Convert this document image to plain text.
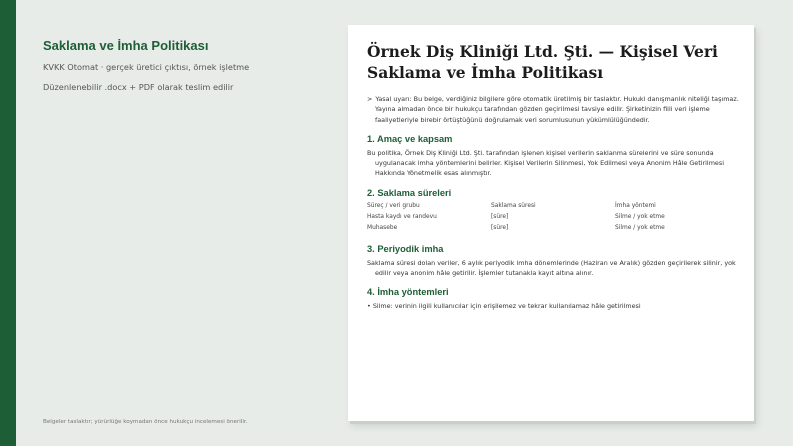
Saklama ve İmha Politikası
KVKK Otomat · gerçek üretici çıktısı, örnek işletme
Düzenlenebilir .docx + PDF olarak teslim edilir
Belgeler taslaktır; yürürlüğe koymadan önce hukukçu incelemesi önerilir.
Örnek Diş Kliniği Ltd. Şti. — Kişisel Veri Saklama ve İmha Politikası
> Yasal uyarı: Bu belge, verdiğiniz bilgilere göre otomatik üretilmiş bir taslaktır. Hukuki danışmanlık niteliği taşımaz. Yayına almadan önce bir hukukçu tarafından gözden geçirilmesi tavsiye edilir. Şirketinizin fiili veri işleme faaliyetleriyle birebir örtüştüğünü doğrulamak veri sorumlusunun yükümlülüğündedir.
1. Amaç ve kapsam
Bu politika, Örnek Diş Kliniği Ltd. Şti. tarafından işlenen kişisel verilerin saklanma sürelerini ve süre sonunda uygulanacak imha yöntemlerini belirler. Kişisel Verilerin Silinmesi, Yok Edilmesi veya Anonim Hâle Getirilmesi Hakkında Yönetmelik esas alınmıştır.
2. Saklama süreleri
Süreç / veri grubu	Saklama süresi	İmha yöntemi
Hasta kaydı ve randevu	[süre]	Silme / yok etme
Muhasebe	[süre]	Silme / yok etme
3. Periyodik imha
Saklama süresi dolan veriler, 6 aylık periyodik imha dönemlerinde (Haziran ve Aralık) gözden geçirilerek silinir, yok edilir veya anonim hâle getirilir. İşlemler tutanakla kayıt altına alınır.
4. İmha yöntemleri
• Silme: verinin ilgili kullanıcılar için erişilemez ve tekrar kullanılamaz hâle getirilmesi
